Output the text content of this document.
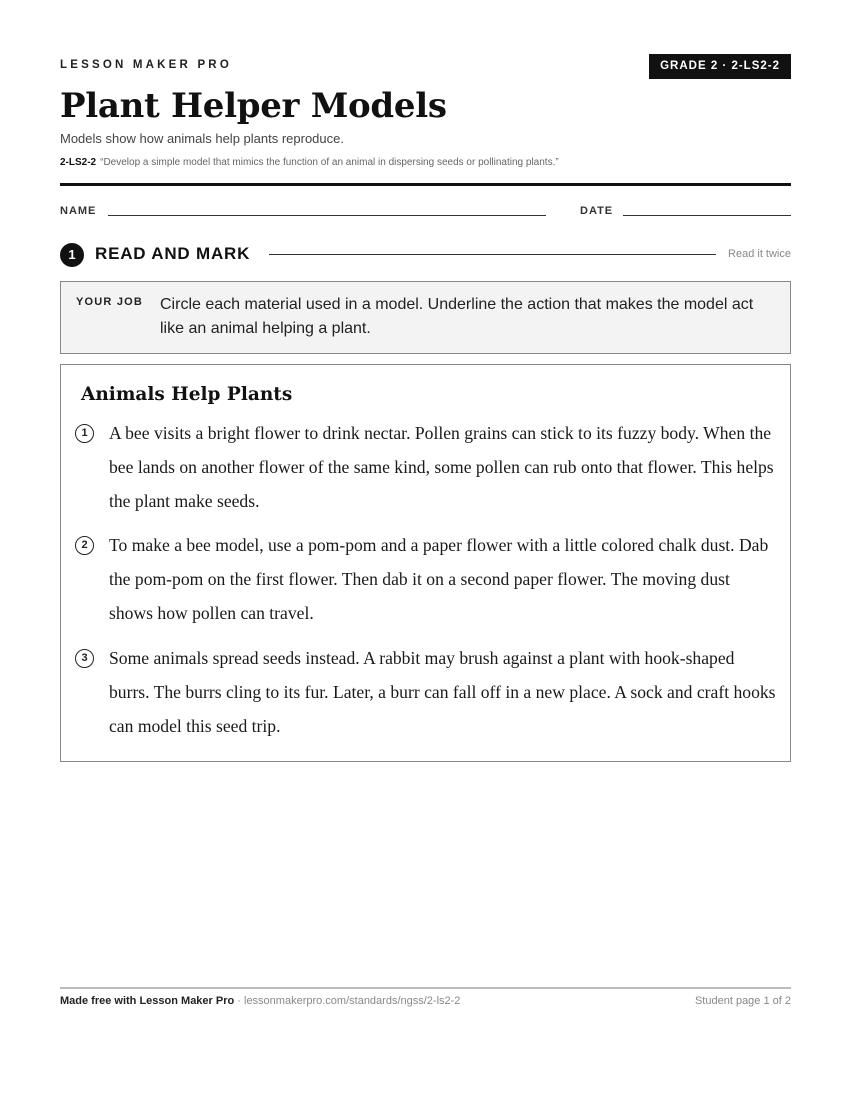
LESSON MAKER PRO	GRADE 2 · 2-LS2-2
Plant Helper Models
Models show how animals help plants reproduce.
2-LS2-2 “Develop a simple model that mimics the function of an animal in dispersing seeds or pollinating plants.”
NAME	DATE
1	READ AND MARK	Read it twice
YOUR JOB Circle each material used in a model. Underline the action that makes the model act like an animal helping a plant.
Animals Help Plants
1	A bee visits a bright flower to drink nectar. Pollen grains can stick to its fuzzy body. When the bee lands on another flower of the same kind, some pollen can rub onto that flower. This helps the plant make seeds.
2	To make a bee model, use a pom-pom and a paper flower with a little colored chalk dust. Dab the pom-pom on the first flower. Then dab it on a second paper flower. The moving dust shows how pollen can travel.
3	Some animals spread seeds instead. A rabbit may brush against a plant with hook-shaped burrs. The burrs cling to its fur. Later, a burr can fall off in a new place. A sock and craft hooks can model this seed trip.
Made free with Lesson Maker Pro · lessonmakerpro.com/standards/ngss/2-ls2-2	Student page 1 of 2
